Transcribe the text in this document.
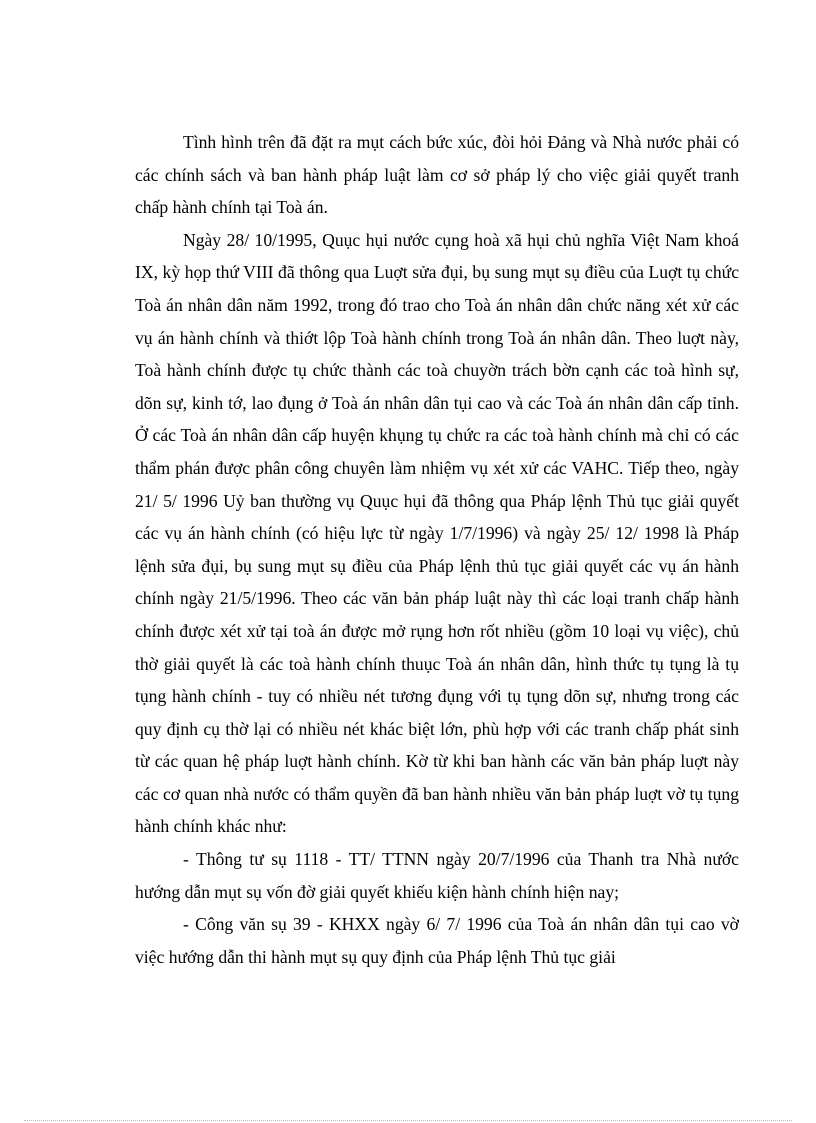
Tình hình trên đã đặt ra mụt cách bức xúc, đòi hỏi Đảng và Nhà nước phải có các chính sách và ban hành pháp luật làm cơ sở pháp lý cho việc giải quyết tranh chấp hành chính tại Toà án.

Ngày 28/ 10/1995, Quục hụi nước cụng hoà xã hụi chủ nghĩa Việt Nam khoá IX, kỳ họp thứ VIII đã thông qua Luợt sửa đụi, bụ sung mụt sụ điều của Luợt tụ chức Toà án nhân dân năm 1992, trong đó trao cho Toà án nhân dân chức năng xét xử các vụ án hành chính và thiớt lộp Toà hành chính trong Toà án nhân dân. Theo luợt này, Toà hành chính được tụ chức thành các toà chuyờn trách bờn cạnh các toà hình sự, dõn sự, kinh tớ, lao đụng ở Toà án nhân dân tụi cao và các Toà án nhân dân cấp tỉnh. Ở các Toà án nhân dân cấp huyện khụng tụ chức ra các toà hành chính mà chỉ có các thẩm phán được phân công chuyên làm nhiệm vụ xét xử các VAHC. Tiếp theo, ngày 21/ 5/ 1996 Uỷ ban thường vụ Quục hụi đã thông qua Pháp lệnh Thủ tục giải quyết các vụ án hành chính (có hiệu lực từ ngày 1/7/1996) và ngày 25/ 12/ 1998 là Pháp lệnh sửa đụi, bụ sung mụt sụ điều của Pháp lệnh thủ tục giải quyết các vụ án hành chính ngày 21/5/1996. Theo các văn bản pháp luật này thì các loại tranh chấp hành chính được xét xử tại toà án được mở rụng hơn rốt nhiều (gồm 10 loại vụ việc), chủ thờ giải quyết là các toà hành chính thuục Toà án nhân dân, hình thức tụ tụng là tụ tụng hành chính - tuy có nhiều nét tương đụng với tụ tụng dõn sự, nhưng trong các quy định cụ thờ lại có nhiều nét khác biệt lớn, phù hợp với các tranh chấp phát sinh từ các quan hệ pháp luợt hành chính. Kờ từ khi ban hành các văn bản pháp luợt này các cơ quan nhà nước có thẩm quyền đã ban hành nhiều văn bản pháp luợt vờ tụ tụng hành chính khác như:

- Thông tư sụ 1118 - TT/ TTNN ngày 20/7/1996 của Thanh tra Nhà nước hướng dẫn mụt sụ vốn đờ giải quyết khiếu kiện hành chính hiện nay;

- Công văn sụ 39 - KHXX ngày 6/ 7/ 1996 của Toà án nhân dân tụi cao vờ việc hướng dẫn thi hành mụt sụ quy định của Pháp lệnh Thủ tục giải
